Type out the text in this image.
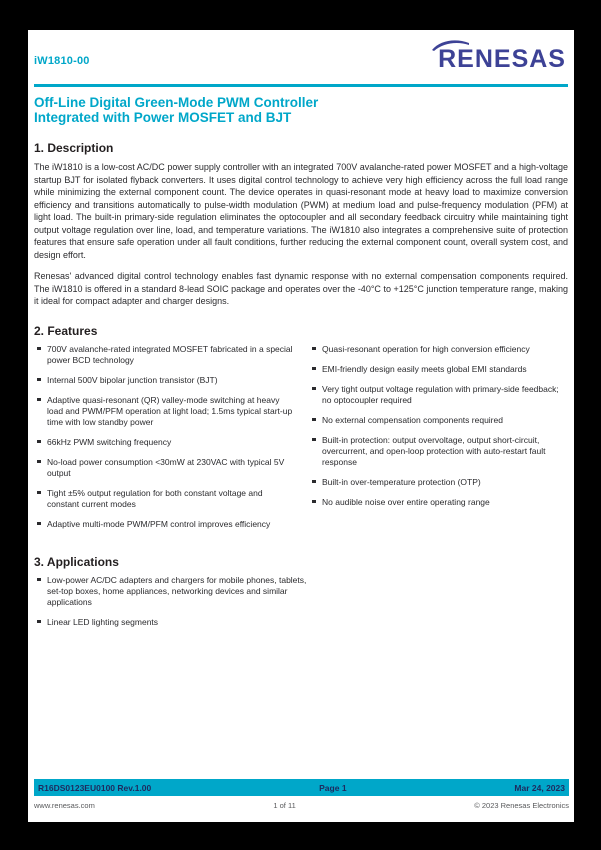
iW1810-00	RENESAS
Off-Line Digital Green-Mode PWM Controller
Integrated with Power MOSFET and BJT
1. Description

The iW1810 is a low-cost AC/DC power supply controller with an integrated 700V avalanche-rated power MOSFET and a high-voltage startup BJT for isolated flyback converters. It uses digital control technology to achieve very high efficiency across the full load range while minimizing the external component count. The device operates in quasi-resonant mode at heavy load to maximize conversion efficiency and transitions automatically to pulse-width modulation (PWM) at medium load and pulse-frequency modulation (PFM) at light load. The built-in primary-side regulation eliminates the optocoupler and all secondary feedback circuitry while maintaining tight output voltage regulation over line, load, and temperature variations. The iW1810 also integrates a comprehensive suite of protection features that ensure safe operation under all fault conditions, further reducing the external component count, overall system cost, and design effort.

Renesas' advanced digital control technology enables fast dynamic response with no external compensation components required. The iW1810 is offered in a standard 8-lead SOIC package and operates over the -40°C to +125°C junction temperature range, making it ideal for compact adapter and charger designs.

2. Features
700V avalanche-rated integrated MOSFET fabricated in a special power BCD technology
Internal 500V bipolar junction transistor (BJT)
Adaptive quasi-resonant (QR) valley-mode switching at heavy load and PWM/PFM operation at light load; 1.5ms typical start-up time with low standby power
66kHz PWM switching frequency
No-load power consumption <30mW at 230VAC with typical 5V output
Tight ±5% output regulation for both constant voltage and constant current modes
Adaptive multi-mode PWM/PFM control improves efficiency
Quasi-resonant operation for high conversion efficiency
EMI-friendly design easily meets global EMI standards
Very tight output voltage regulation with primary-side feedback; no optocoupler required
No external compensation components required
Built-in protection: output overvoltage, output short-circuit, overcurrent, and open-loop protection with auto-restart fault response
Built-in over-temperature protection (OTP)
No audible noise over entire operating range
3. Applications
Low-power AC/DC adapters and chargers for mobile phones, tablets, set-top boxes, home appliances, networking devices and similar applications
Linear LED lighting segments
R16DS0123EU0100 Rev.1.00	Page 1	Mar 24, 2023
www.renesas.com	1 of 11	© 2023 Renesas Electronics
